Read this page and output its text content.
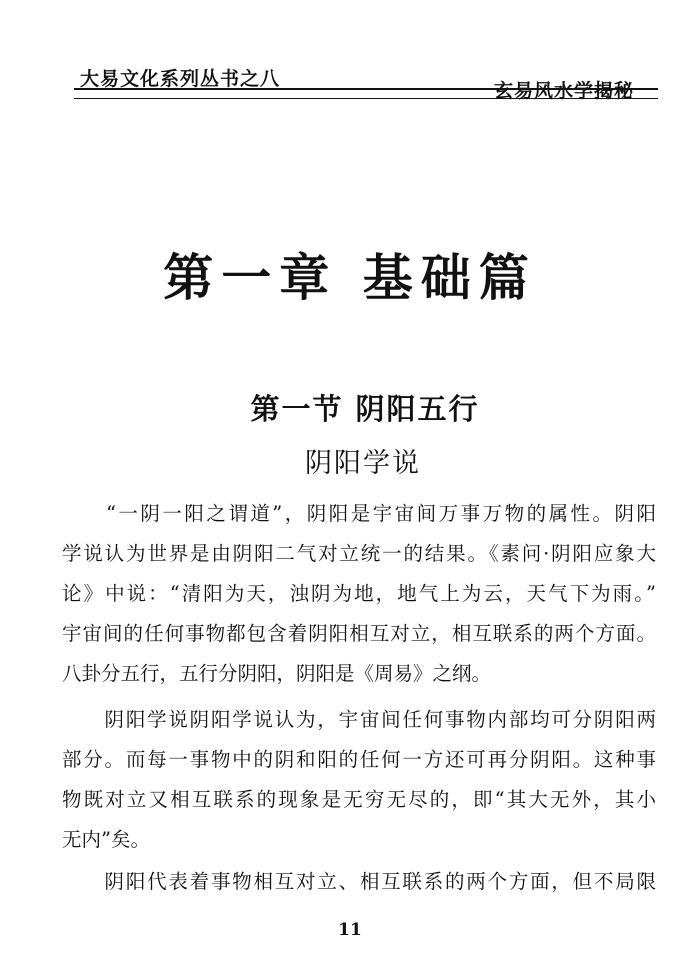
大易文化系列丛书之八
玄易风水学揭秘
第一章 基础篇
第一节 阴阳五行
阴阳学说

　　“一阴一阳之谓道”，阴阳是宇宙间万事万物的属性。阴阳

学说认为世界是由阴阳二气对立统一的结果。《素问·阴阳应象大

论》中说：“清阳为天，浊阴为地，地气上为云，天气下为雨。”

宇宙间的任何事物都包含着阴阳相互对立，相互联系的两个方面。

八卦分五行，五行分阴阳，阴阳是《周易》之纲。

　　阴阳学说阴阳学说认为，宇宙间任何事物内部均可分阴阳两

部分。而每一事物中的阴和阳的任何一方还可再分阴阳。这种事

物既对立又相互联系的现象是无穷无尽的，即“其大无外，其小

无内”矣。

　　阴阳代表着事物相互对立、相互联系的两个方面，但不局限

11
